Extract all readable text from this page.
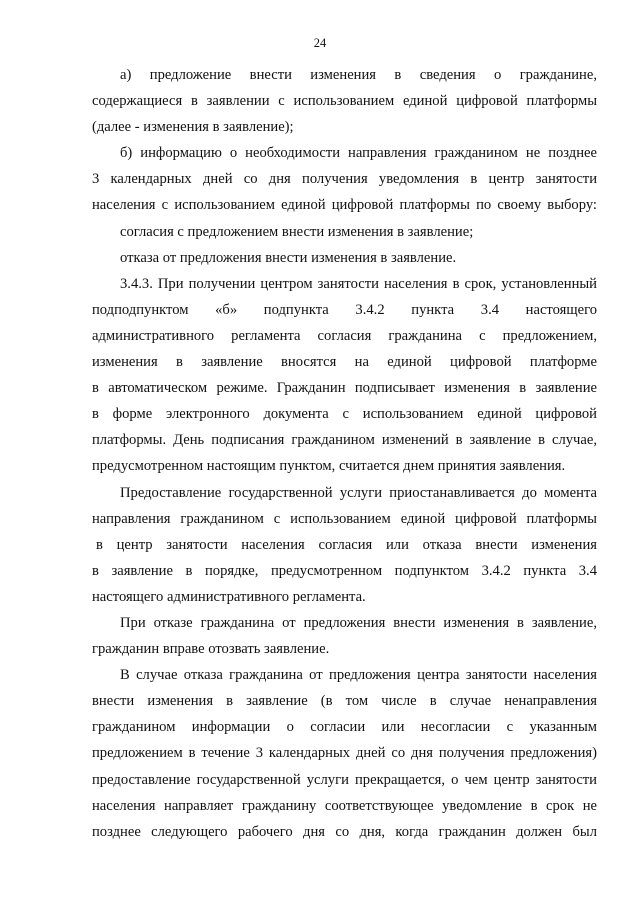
24
а) предложение внести изменения в сведения о гражданине,
содержащиеся в заявлении с использованием единой цифровой платформы
(далее - изменения в заявление);
б) информацию о необходимости направления гражданином не позднее
3 календарных дней со дня получения уведомления в центр занятости
населения с использованием единой цифровой платформы по своему выбору:
согласия с предложением внести изменения в заявление;
отказа от предложения внести изменения в заявление.
3.4.3. При получении центром занятости населения в срок, установленный
подподпунктом «б» подпункта 3.4.2 пункта 3.4 настоящего
административного регламента согласия гражданина с предложением,
изменения в заявление вносятся на единой цифровой платформе
в автоматическом режиме. Гражданин подписывает изменения в заявление
в форме электронного документа с использованием единой цифровой
платформы. День подписания гражданином изменений в заявление в случае,
предусмотренном настоящим пунктом, считается днем принятия заявления.
Предоставление государственной услуги приостанавливается до момента
направления гражданином с использованием единой цифровой платформы
в центр занятости населения согласия или отказа внести изменения
в заявление в порядке, предусмотренном подпунктом 3.4.2 пункта 3.4
настоящего административного регламента.
При отказе гражданина от предложения внести изменения в заявление,
гражданин вправе отозвать заявление.
В случае отказа гражданина от предложения центра занятости населения
внести изменения в заявление (в том числе в случае ненаправления
гражданином информации о согласии или несогласии с указанным
предложением в течение 3 календарных дней со дня получения предложения)
предоставление государственной услуги прекращается, о чем центр занятости
населения направляет гражданину соответствующее уведомление в срок не
позднее следующего рабочего дня со дня, когда гражданин должен был
